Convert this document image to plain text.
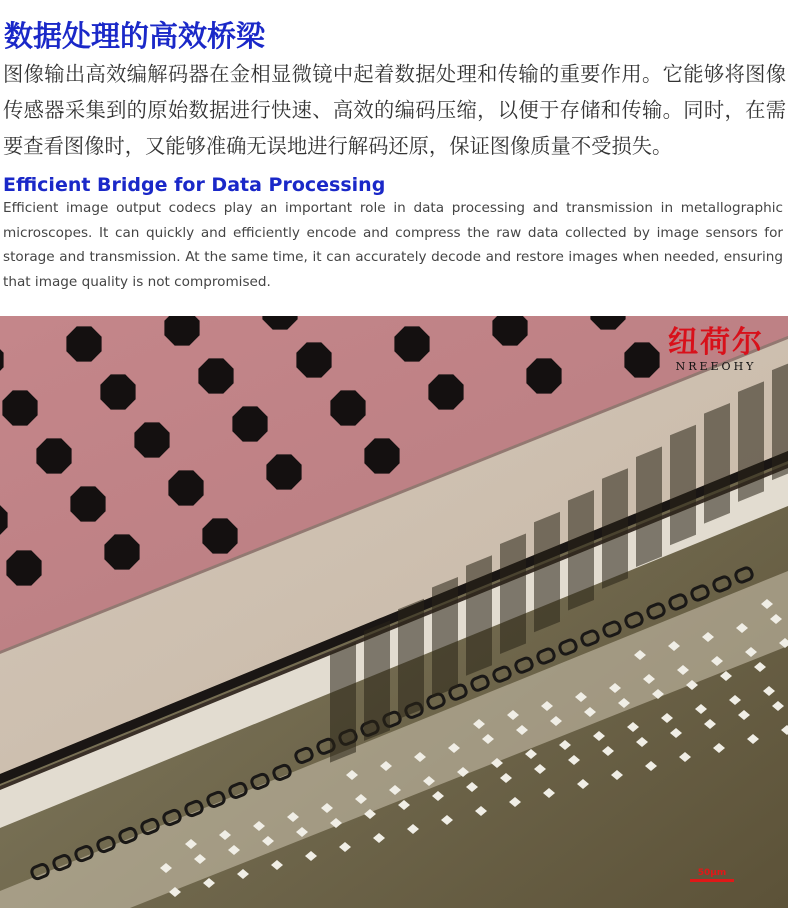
数据处理的高效桥梁

图像输出高效编解码器在金相显微镜中起着数据处理和传输的重要作用。它能够将图像传感器采集到的原始数据进行快速、高效的编码压缩，以便于存储和传输。同时，在需要查看图像时，又能够准确无误地进行解码还原，保证图像质量不受损失。

Efficient Bridge for Data Processing

Efficient image output codecs play an important role in data processing and transmission in metallographic microscopes. It can quickly and efficiently encode and compress the raw data collected by image sensors for storage and transmission. At the same time, it can accurately decode and restore images when needed, ensuring that image quality is not compromised.

纽荷尔
NREEOHY
50μm
